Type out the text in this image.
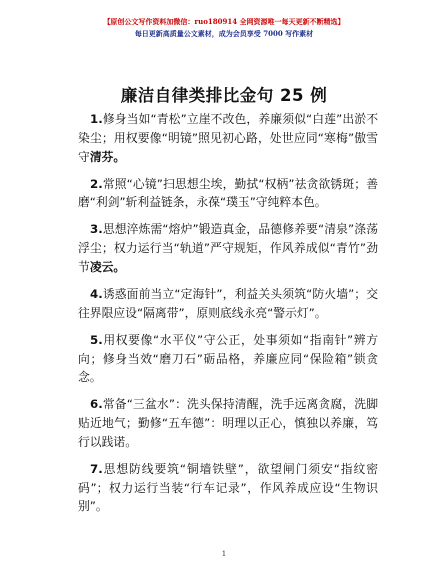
【原创公文写作资料加微信：ruo180914 全网资源唯一每天更新不断精选】
每日更新高质量公文素材，成为会员享受 7000 写作素材
廉洁自律类排比金句 25 例

1.修身当如“青松”立崖不改色，养廉须似“白莲”出淤不染尘；用权要像“明镜”照见初心路，处世应同“寒梅”傲雪守清芬。

2.常照“心镜”扫思想尘埃，勤拭“权柄”祛贪欲锈斑；善磨“利剑”斩利益链条，永葆“璞玉”守纯粹本色。

3.思想淬炼需“熔炉”锻造真金，品德修养要“清泉”涤荡浮尘；权力运行当“轨道”严守规矩，作风养成似“青竹”劲节凌云。

4.诱惑面前当立“定海针”，利益关头须筑“防火墙”；交往界限应设“隔离带”，原则底线永亮“警示灯”。

5.用权要像“水平仪”守公正，处事须如“指南针”辨方向；修身当效“磨刀石”砺品格，养廉应同“保险箱”锁贪念。

6.常备“三盆水”：洗头保持清醒，洗手远离贪腐，洗脚贴近地气；勤修“五车德”：明理以正心，慎独以养廉，笃行以践诺。

7.思想防线要筑“铜墙铁壁”，欲望闸门须安“指纹密码”；权力运行当装“行车记录”，作风养成应设“生物识别”。

1
